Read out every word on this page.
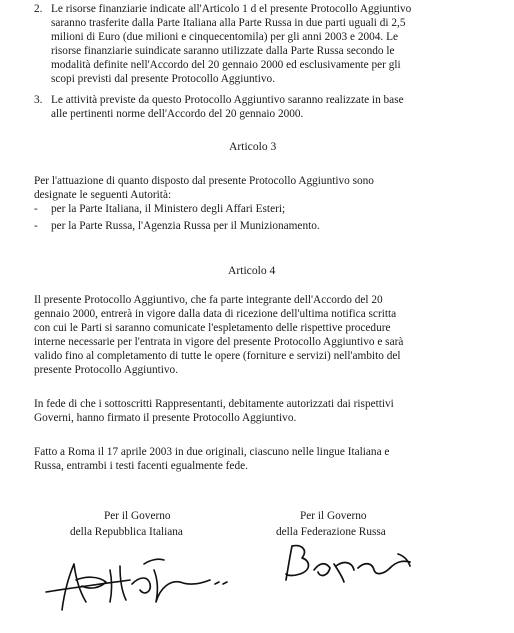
2. Le risorse finanziarie indicate all'Articolo 1 d el presente Protocollo Aggiuntivo
saranno trasferite dalla Parte Italiana alla Parte Russa in due parti uguali di 2,5
milioni di Euro (due milioni e cinquecentomila) per gli anni 2003 e 2004. Le
risorse finanziarie suindicate saranno utilizzate dalla Parte Russa secondo le
modalità definite nell'Accordo del 20 gennaio 2000 ed esclusivamente per gli
scopi previsti dal presente Protocollo Aggiuntivo.
3. Le attività previste da questo Protocollo Aggiuntivo saranno realizzate in base
alle pertinenti norme dell'Accordo del 20 gennaio 2000.
Articolo 3
Per l'attuazione di quanto disposto dal presente Protocollo Aggiuntivo sono
designate le seguenti Autorità:
- per la Parte Italiana, il Ministero degli Affari Esteri;
- per la Parte Russa, l'Agenzia Russa per il Munizionamento.
Articolo 4
Il presente Protocollo Aggiuntivo, che fa parte integrante dell'Accordo del 20
gennaio 2000, entrerà in vigore dalla data di ricezione dell'ultima notifica scritta
con cui le Parti si saranno comunicate l'espletamento delle rispettive procedure
interne necessarie per l'entrata in vigore del presente Protocollo Aggiuntivo e sarà
valido fino al completamento di tutte le opere (forniture e servizi) nell'ambito del
presente Protocollo Aggiuntivo.
In fede di che i sottoscritti Rappresentanti, debitamente autorizzati dai rispettivi
Governi, hanno firmato il presente Protocollo Aggiuntivo.
Fatto a Roma il 17 aprile 2003 in due originali, ciascuno nelle lingue Italiana e
Russa, entrambi i testi facenti egualmente fede.
Per il Governo
della Repubblica Italiana
Per il Governo
della Federazione Russa
